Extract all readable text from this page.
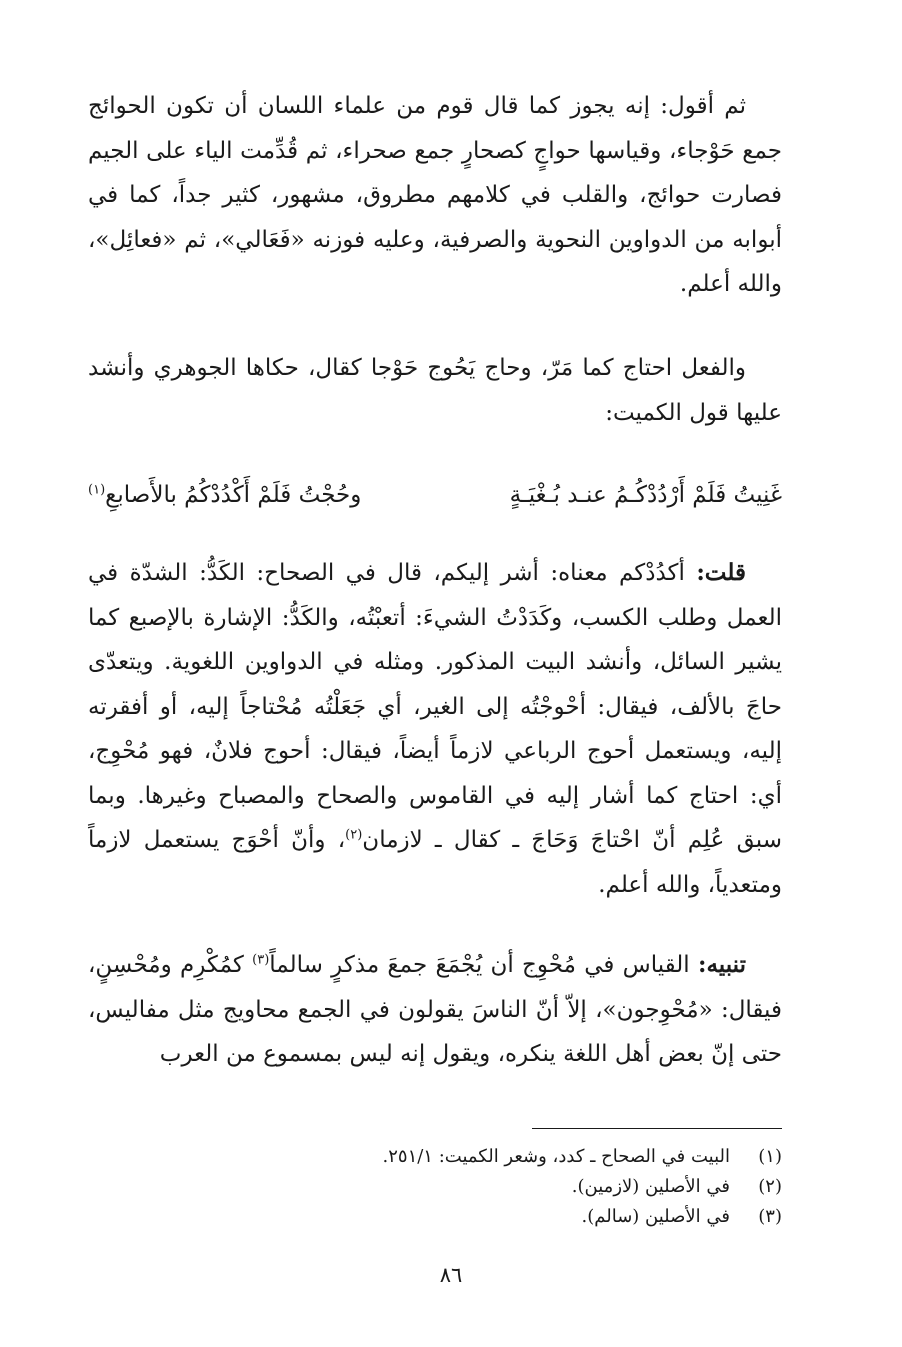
ثم أقول: إنه يجوز كما قال قوم من علماء اللسان أن تكون الحوائج جمع حَوْجاء، وقياسها حواجٍ كصحارٍ جمع صحراء، ثم قُدِّمت الياء على الجيم فصارت حوائج، والقلب في كلامهم مطروق، مشهور، كثير جداً، كما في أبوابه من الدواوين النحوية والصرفية، وعليه فوزنه «فَعَالي»، ثم «فعائِل»، والله أعلم.

والفعل احتاج كما مَرّ، وحاج يَحُوج حَوْجا كقال، حكاها الجوهري وأنشد عليها قول الكميت:

غَنِيتُ فَلَمْ أَرْدُدْكُـمُ عنـد بُـغْيَـةٍ
وحُجْتُ فَلَمْ أَكْدُدْكُمُ بالأَصابعِ$^{(١)}$

قلت: أكدُدْكم معناه: أشر إليكم، قال في الصحاح: الكَدُّ: الشدّة في العمل وطلب الكسب، وكَدَدْتُ الشيءَ: أتعبْتُه، والكَدُّ: الإشارة بالإصبع كما يشير السائل، وأنشد البيت المذكور. ومثله في الدواوين اللغوية. ويتعدّى حاجَ بالألف، فيقال: أحْوجْتُه إلى الغير، أي جَعَلْتُه مُحْتاجاً إليه، أو أفقرته إليه، ويستعمل أحوج الرباعي لازماً أيضاً، فيقال: أحوج فلانٌ، فهو مُحْوِج، أي: احتاج كما أشار إليه في القاموس والصحاح والمصباح وغيرها. وبما سبق عُلِم أنّ احْتاجَ وَحَاجَ ـ كقال ـ لازمان$^{(٢)}$، وأنّ أحْوَج يستعمل لازماً ومتعدياً، والله أعلم.

تنبيه: القياس في مُحْوِج أن يُجْمَعَ جمعَ مذكرٍ سالماً$^{(٣)}$ كمُكْرِم ومُحْسِنٍ، فيقال: «مُحْوِجون»، إلاّ أنّ الناسَ يقولون في الجمع محاويج مثل مفاليس، حتى إنّ بعض أهل اللغة ينكره، ويقول إنه ليس بمسموع من العرب

(١)
البيت في الصحاح ـ كدد، وشعر الكميت: ٢٥١/١.
(٢)
في الأصلين (لازمين).
(٣)
في الأصلين (سالم).
٨٦
